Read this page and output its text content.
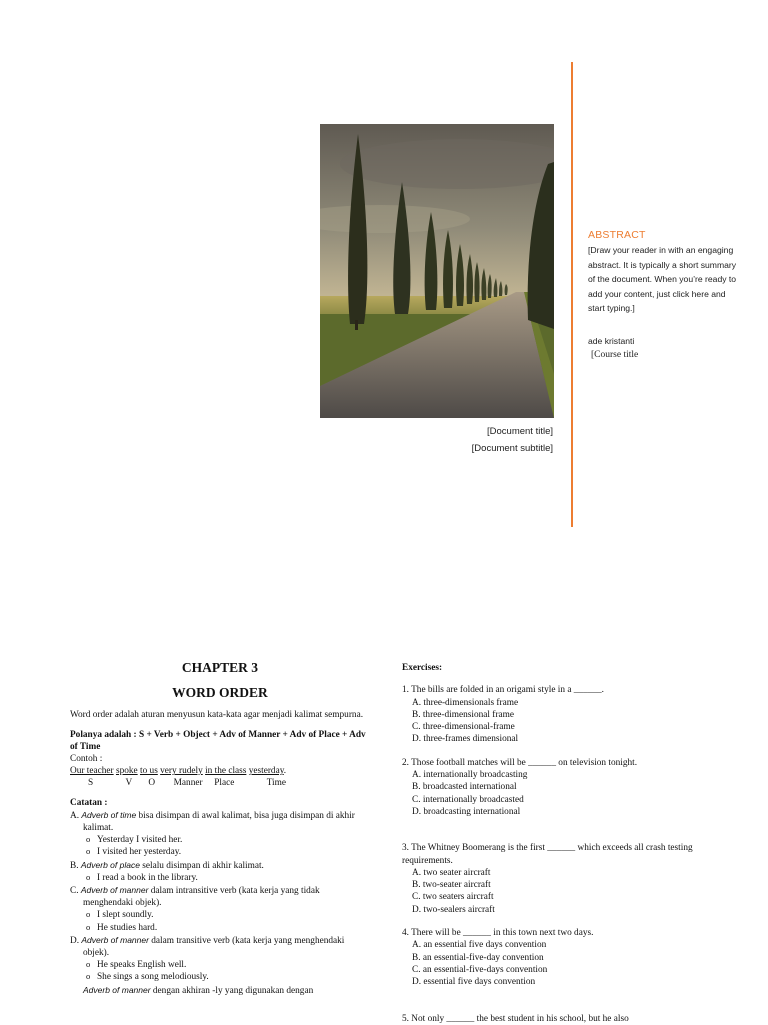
[Document title]
[Document subtitle]
ABSTRACT
[Draw your reader in with an engaging abstract. It is typically a short summary of the document. When you’re ready to add your content, just click here and start typing.]
ade kristanti
[Course title
CHAPTER 3
WORD ORDER

Word order adalah aturan menyusun kata-kata agar menjadi kalimat sempurna.

Polanya adalah : S + Verb + Object + Adv of Manner + Adv of Place + Adv of Time

Contoh :

Our teacher spoke to us very rudely in the class yesterday.

S              V       O        Manner     Place              Time

Catatan :

A. Adverb of time bisa disimpan di awal kalimat, bisa juga disimpan di akhir kalimat.
o Yesterday I visited her.
o I visited her yesterday.
B. Adverb of place selalu disimpan di akhir kalimat.
o I read a book in the library.
C. Adverb of manner dalam intransitive verb (kata kerja yang tidak menghendaki objek).
o I slept soundly.
o He studies hard.
D. Adverb of manner dalam transitive verb (kata kerja yang menghendaki objek).
o He speaks English well.
o She sings a song melodiously.
Adverb of manner dengan akhiran -ly yang digunakan dengan

Exercises:

1. The bills are folded in an origami style in a ______.

A. three-dimensionals frame

B. three-dimensional frame

C. three-dimensional-frame

D. three-frames dimensional

2. Those football matches will be ______ on television tonight.

A. internationally broadcasting

B. broadcasted international

C. internationally broadcasted

D. broadcasting international

3. The Whitney Boomerang is the first ______ which exceeds all crash testing requirements.

A. two seater aircraft

B. two-seater aircraft

C. two seaters aircraft

D. two-sealers aircraft

4. There will be ______ in this town next two days.

A. an essential five days convention

B. an essential-five-day convention

C. an essential-five-days convention

D. essential five days convention

5. Not only ______ the best student in his school, but he also
